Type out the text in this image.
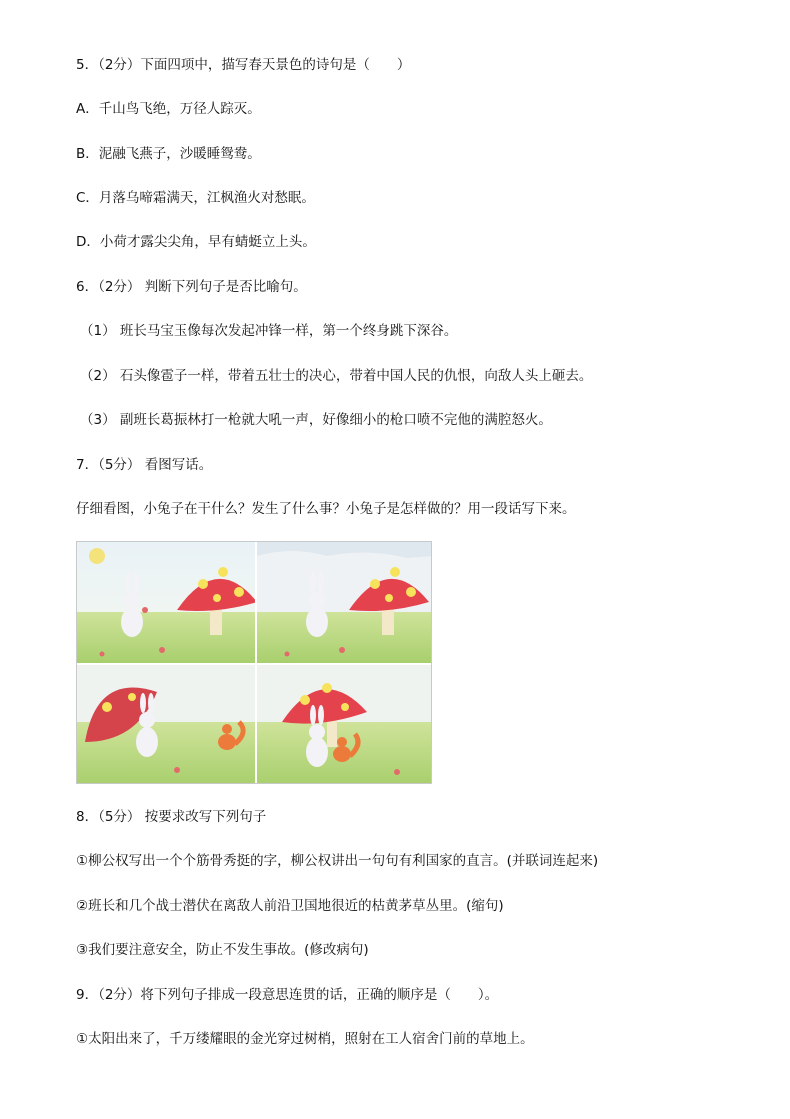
5．（2分）下面四项中，描写春天景色的诗句是（　　）
A．千山鸟飞绝，万径人踪灭。
B．泥融飞燕子，沙暖睡鸳鸯。
C．月落乌啼霜满天，江枫渔火对愁眠。
D．小荷才露尖尖角，早有蜻蜓立上头。
6．（2分） 判断下列句子是否比喻句。
（1） 班长马宝玉像每次发起冲锋一样，第一个终身跳下深谷。
（2） 石头像雹子一样，带着五壮士的决心，带着中国人民的仇恨，向敌人头上砸去。
（3） 副班长葛振林打一枪就大吼一声，好像细小的枪口喷不完他的满腔怒火。
7．（5分） 看图写话。
仔细看图，小兔子在干什么？发生了什么事？小兔子是怎样做的？用一段话写下来。
8．（5分） 按要求改写下列句子
①柳公权写出一个个筋骨秀挺的字，柳公权讲出一句句有利国家的直言。(并联词连起来)
②班长和几个战士潜伏在离敌人前沿卫国地很近的枯黄茅草丛里。(缩句)
③我们要注意安全，防止不发生事故。(修改病句)
9．（2分）将下列句子排成一段意思连贯的话，正确的顺序是（　　）。
①太阳出来了，千万缕耀眼的金光穿过树梢，照射在工人宿舍门前的草地上。
